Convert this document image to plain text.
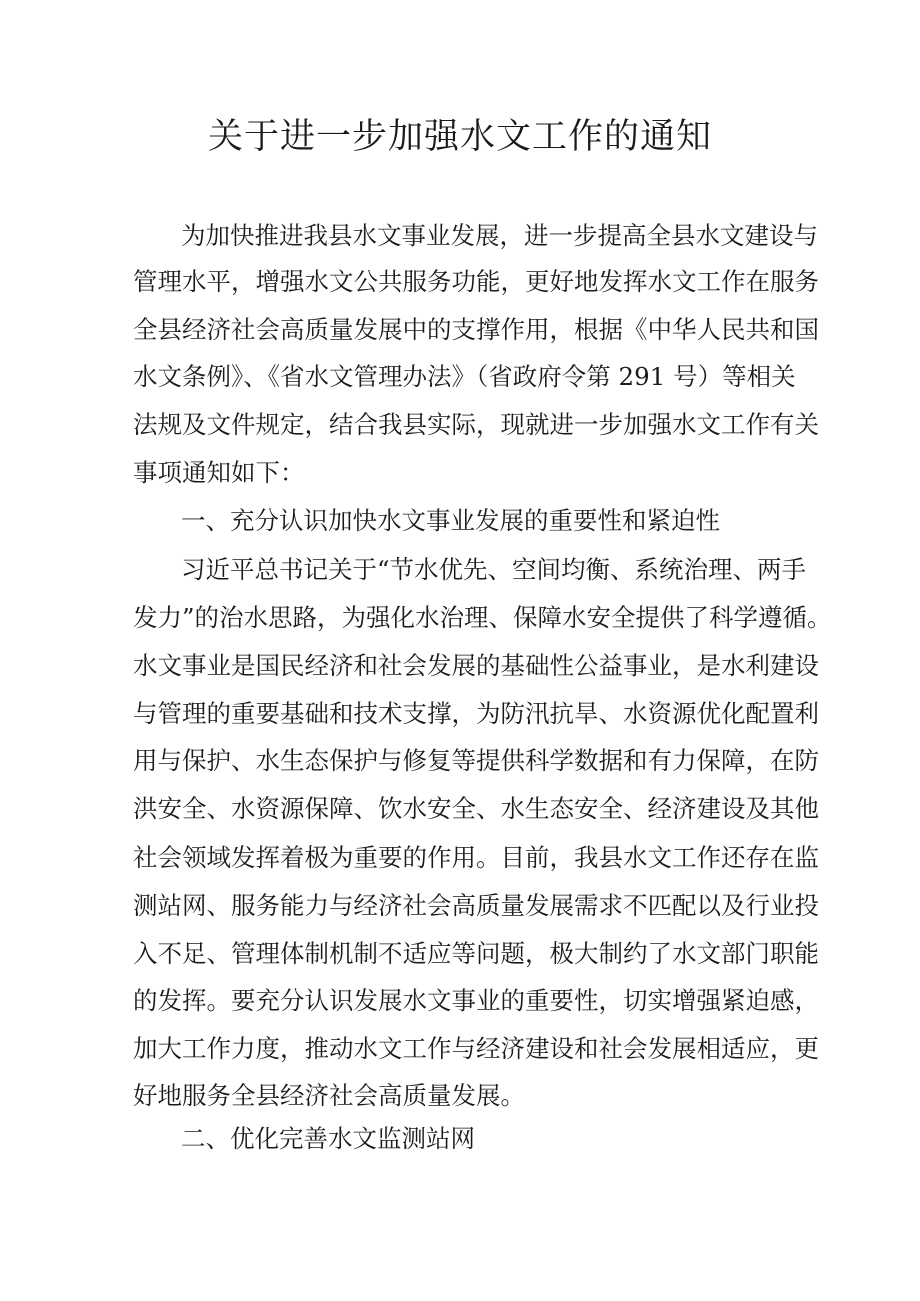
关于进一步加强水文工作的通知
为加快推进我县水文事业发展，进一步提高全县水文建设与
管理水平，增强水文公共服务功能，更好地发挥水文工作在服务
全县经济社会高质量发展中的支撑作用，根据《中华人民共和国
水文条例》、《省水文管理办法》（省政府令第 291 号）等相关
法规及文件规定，结合我县实际，现就进一步加强水文工作有关
事项通知如下：
一、充分认识加快水文事业发展的重要性和紧迫性
习近平总书记关于“节水优先、空间均衡、系统治理、两手
发力”的治水思路，为强化水治理、保障水安全提供了科学遵循。
水文事业是国民经济和社会发展的基础性公益事业，是水利建设
与管理的重要基础和技术支撑，为防汛抗旱、水资源优化配置利
用与保护、水生态保护与修复等提供科学数据和有力保障，在防
洪安全、水资源保障、饮水安全、水生态安全、经济建设及其他
社会领域发挥着极为重要的作用。目前，我县水文工作还存在监
测站网、服务能力与经济社会高质量发展需求不匹配以及行业投
入不足、管理体制机制不适应等问题，极大制约了水文部门职能
的发挥。要充分认识发展水文事业的重要性，切实增强紧迫感，
加大工作力度，推动水文工作与经济建设和社会发展相适应，更
好地服务全县经济社会高质量发展。
二、优化完善水文监测站网
